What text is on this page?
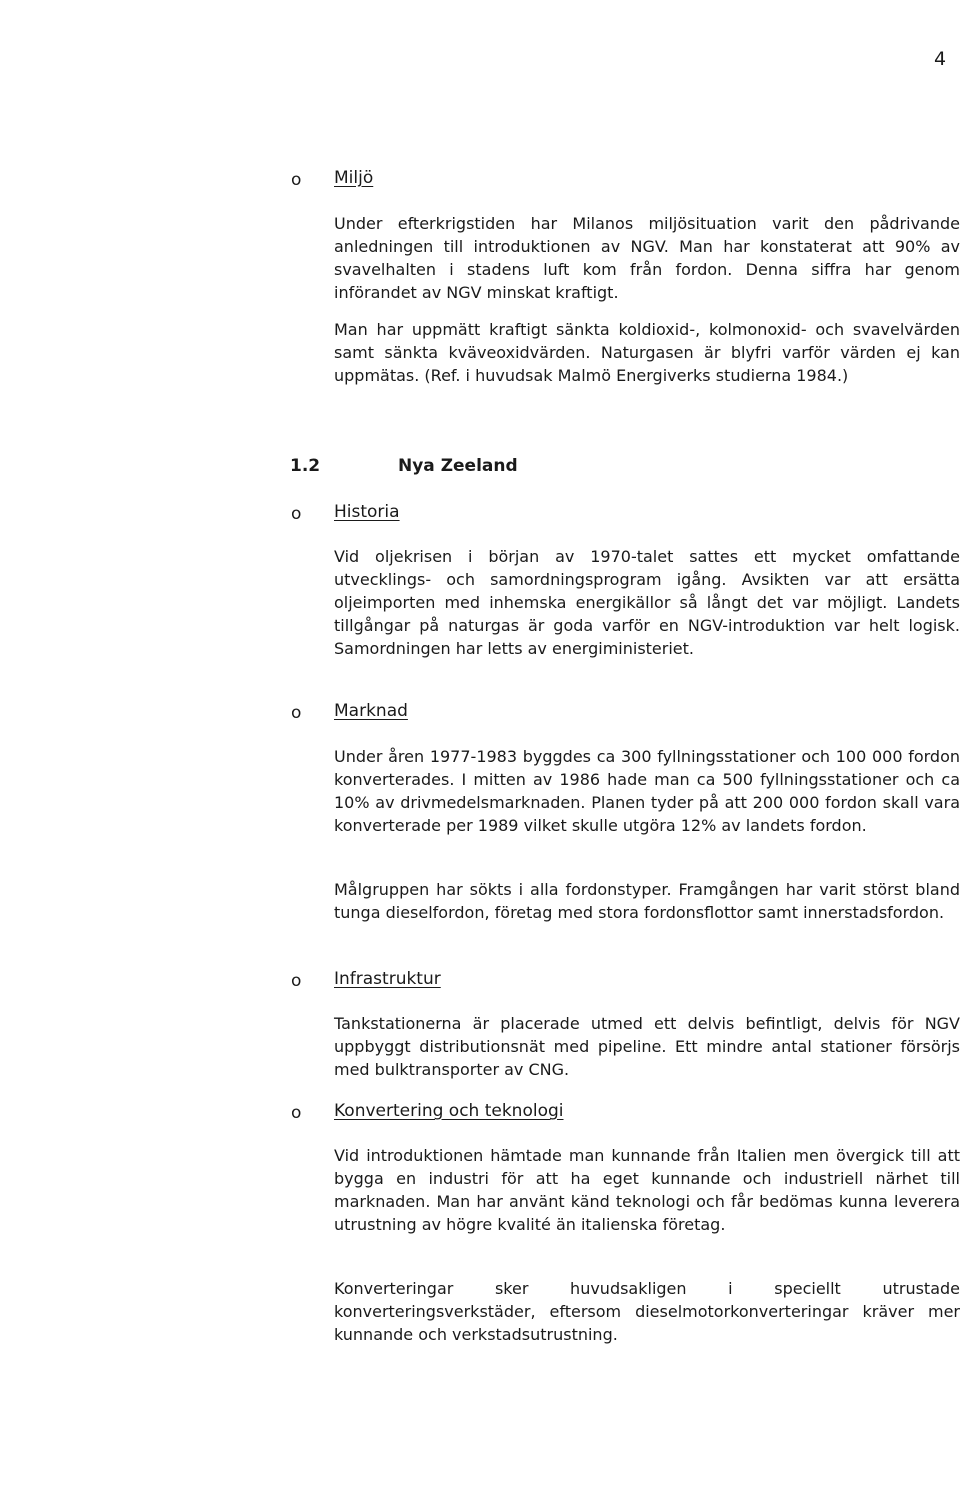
4
o Miljö

Under efterkrigstiden har Milanos miljösituation varit den pådrivande anledningen till introduktionen av NGV. Man har konstaterat att 90% av svavelhalten i stadens luft kom från fordon. Denna siffra har genom införandet av NGV minskat kraftigt.

Man har uppmätt kraftigt sänkta koldioxid-, kolmonoxid- och svavelvärden samt sänkta kväveoxidvärden. Naturgasen är blyfri varför värden ej kan uppmätas. (Ref. i huvudsak Malmö Energiverks studierna 1984.)

1.2	Nya Zeeland
o Historia

Vid oljekrisen i början av 1970-talet sattes ett mycket omfattande utvecklings- och samordningsprogram igång. Avsikten var att ersätta oljeimporten med inhemska energikällor så långt det var möjligt. Landets tillgångar på naturgas är goda varför en NGV-introduktion var helt logisk. Samordningen har letts av energiministeriet.

o Marknad

Under åren 1977-1983 byggdes ca 300 fyllningsstationer och 100 000 fordon konverterades. I mitten av 1986 hade man ca 500 fyllningsstationer och ca 10% av drivmedelsmarknaden. Planen tyder på att 200 000 fordon skall vara konverterade per 1989 vilket skulle utgöra 12% av landets fordon.

Målgruppen har sökts i alla fordonstyper. Framgången har varit störst bland tunga dieselfordon, företag med stora fordonsflottor samt innerstadsfordon.

o Infrastruktur

Tankstationerna är placerade utmed ett delvis befintligt, delvis för NGV uppbyggt distributionsnät med pipeline. Ett mindre antal stationer försörjs med bulktransporter av CNG.

o Konvertering och teknologi

Vid introduktionen hämtade man kunnande från Italien men övergick till att bygga en industri för att ha eget kunnande och industriell närhet till marknaden. Man har använt känd teknologi och får bedömas kunna leverera utrustning av högre kvalité än italienska företag.

Konverteringar sker huvudsakligen i speciellt utrustade konverteringsverkstäder, eftersom dieselmotorkonverteringar kräver mer kunnande och verkstadsutrustning.
